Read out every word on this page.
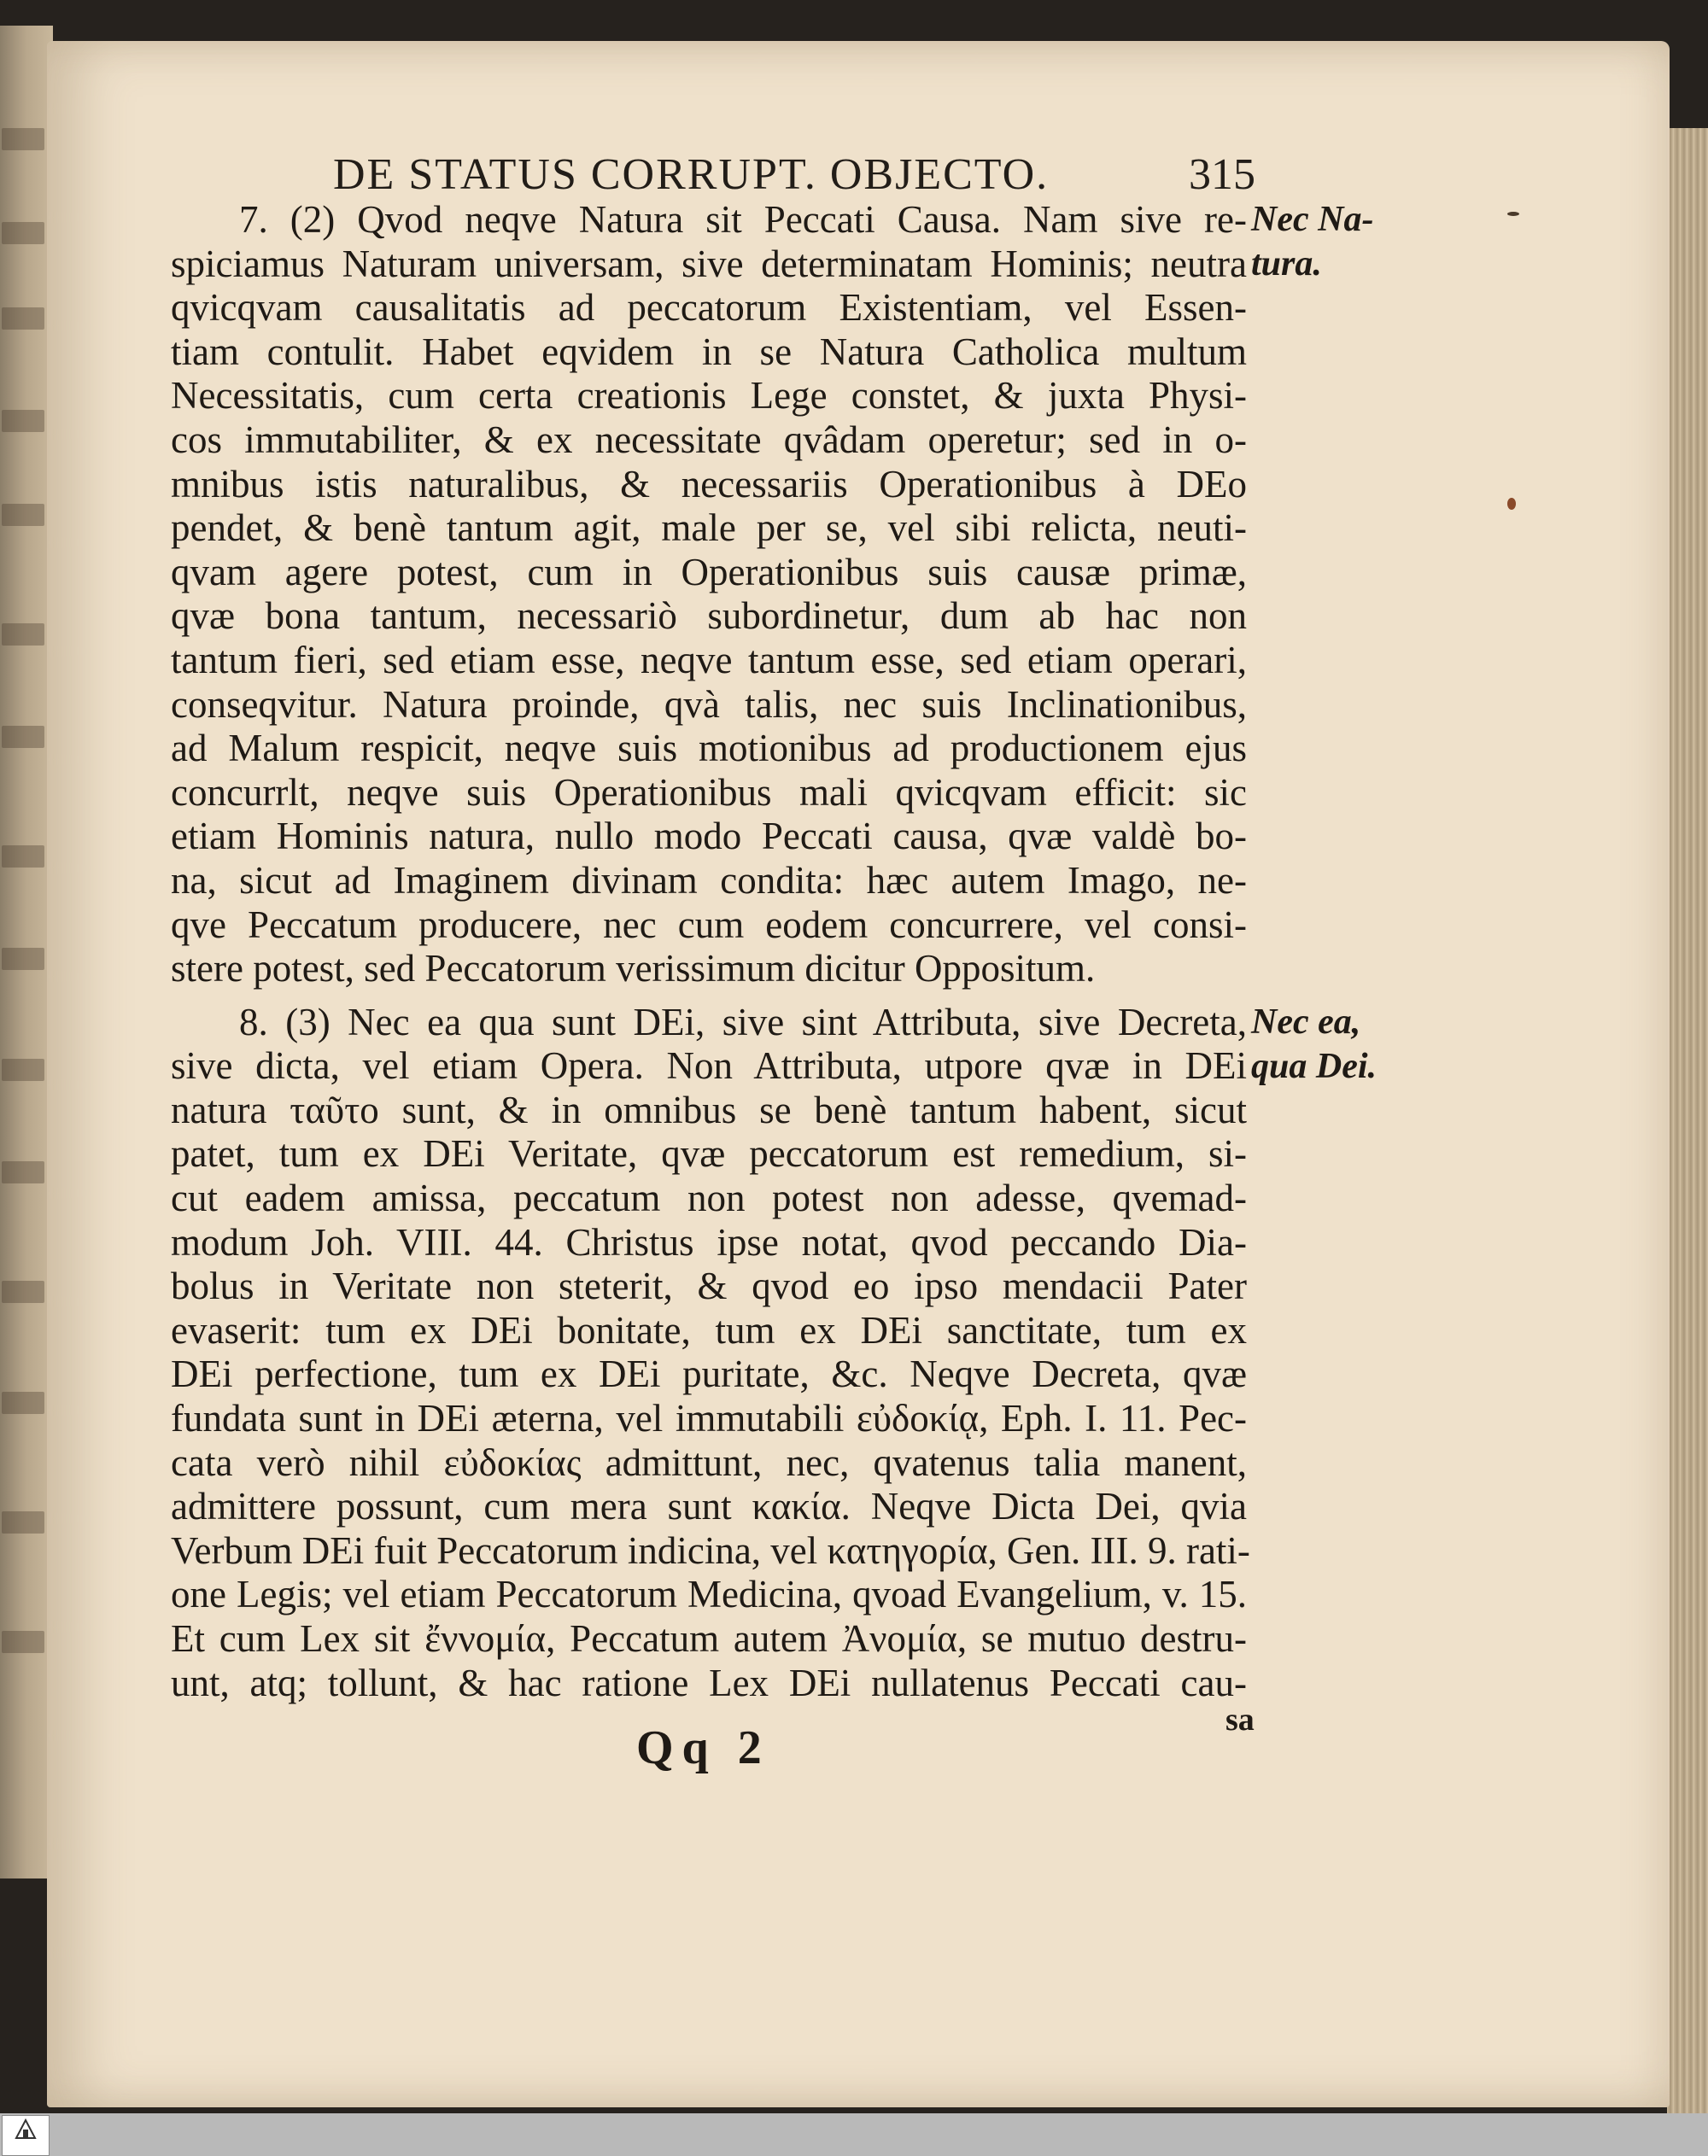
DE STATUS CORRUPT. OBJECTO.	315
7. (2) Qvod neqve Natura sit Peccati Causa. Nam sive re-
spiciamus Naturam universam, sive determinatam Hominis; neutra
qvicqvam causalitatis ad peccatorum Existentiam, vel Essen-
tiam contulit. Habet eqvidem in se Natura Catholica multum
Necessitatis, cum certa creationis Lege constet, & juxta Physi-
cos immutabiliter, & ex necessitate qvâdam operetur; sed in o-
mnibus istis naturalibus, & necessariis Operationibus à DEo
pendet, & benè tantum agit, male per se, vel sibi relicta, neuti-
qvam agere potest, cum in Operationibus suis causæ primæ,
qvæ bona tantum, necessariò subordinetur, dum ab hac non
tantum fieri, sed etiam esse, neqve tantum esse, sed etiam operari,
conseqvitur. Natura proinde, qvà talis, nec suis Inclinationibus,
ad Malum respicit, neqve suis motionibus ad productionem ejus
concurrlt, neqve suis Operationibus mali qvicqvam efficit: sic
etiam Hominis natura, nullo modo Peccati causa, qvæ valdè bo-
na, sicut ad Imaginem divinam condita: hæc autem Imago, ne-
qve Peccatum producere, nec cum eodem concurrere, vel consi-
stere potest, sed Peccatorum verissimum dicitur Oppositum.
8. (3) Nec ea qua sunt DEi, sive sint Attributa, sive Decreta,
sive dicta, vel etiam Opera. Non Attributa, utpore qvæ in DEi
natura ταῦτο sunt, & in omnibus se benè tantum habent, sicut
patet, tum ex DEi Veritate, qvæ peccatorum est remedium, si-
cut eadem amissa, peccatum non potest non adesse, qvemad-
modum Joh. VIII. 44. Christus ipse notat, qvod peccando Dia-
bolus in Veritate non steterit, & qvod eo ipso mendacii Pater
evaserit: tum ex DEi bonitate, tum ex DEi sanctitate, tum ex
DEi perfectione, tum ex DEi puritate, &c. Neqve Decreta, qvæ
fundata sunt in DEi æterna, vel immutabili εὐδοκίᾳ, Eph. I. 11. Pec-
cata verò nihil εὐδοκίας admittunt, nec, qvatenus talia manent,
admittere possunt, cum mera sunt κακία. Neqve Dicta Dei, qvia
Verbum DEi fuit Peccatorum indicina, vel κατηγορία, Gen. III. 9. rati-
one Legis; vel etiam Peccatorum Medicina, qvoad Evangelium, v. 15.
Et cum Lex sit ἔννομία, Peccatum autem Ἀνομία, se mutuo destru-
unt, atq; tollunt, & hac ratione Lex DEi nullatenus Peccati cau-
Nec Na-
tura.
Nec ea,
qua Dei.
sa
Qq 2
